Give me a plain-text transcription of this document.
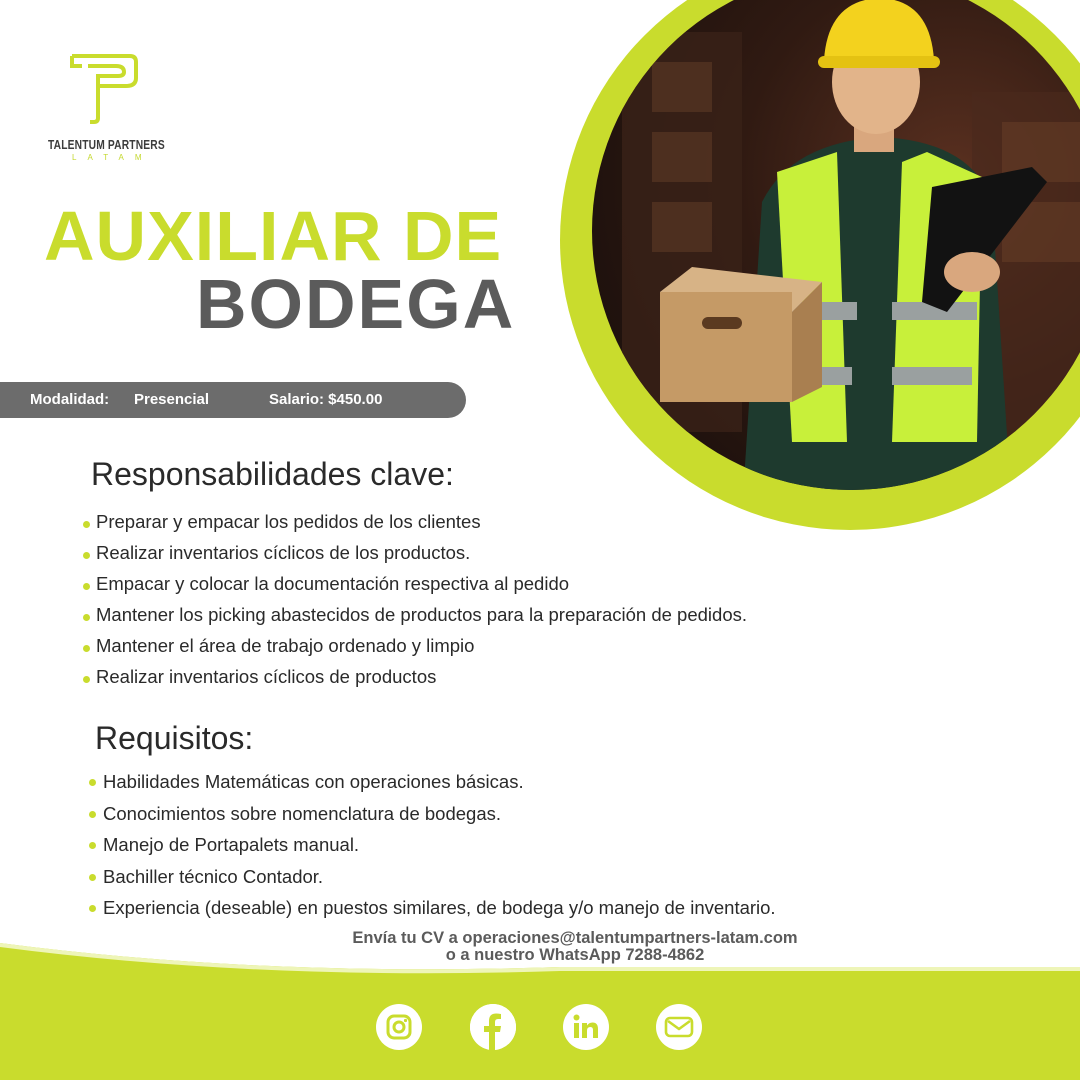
TALENTUM PARTNERS
LATAM
AUXILIAR DE
BODEGA
Modalidad: Presencial	Salario: $450.00
Responsabilidades clave:
Preparar y empacar los pedidos de los clientes
Realizar inventarios cíclicos de los productos.
Empacar y colocar la documentación respectiva al pedido
Mantener los picking abastecidos de productos para la preparación de pedidos.
Mantener el área de trabajo ordenado y limpio
Realizar inventarios cíclicos de productos
Requisitos:
Habilidades Matemáticas con operaciones básicas.
Conocimientos sobre nomenclatura de bodegas.
Manejo de Portapalets manual.
Bachiller técnico Contador.
Experiencia (deseable) en puestos similares, de bodega y/o manejo de inventario.
Envía tu CV a operaciones@talentumpartners-latam.com
o a nuestro WhatsApp 7288-4862
